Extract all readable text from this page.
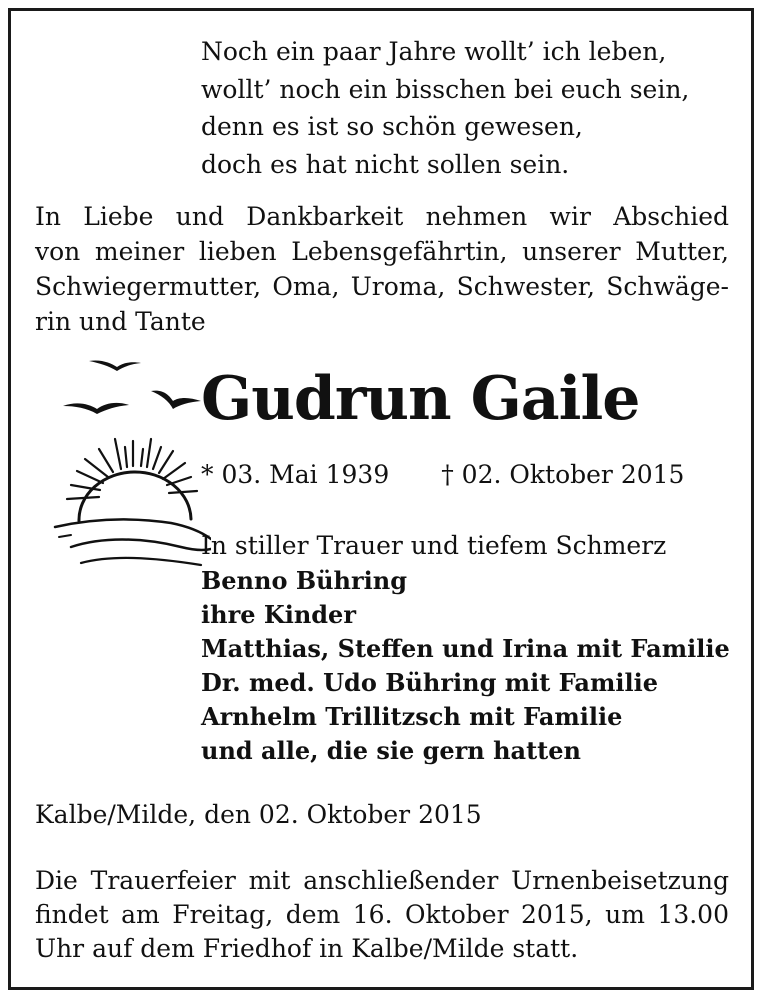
Noch ein paar Jahre wollt’ ich leben,
wollt’ noch ein bisschen bei euch sein,
denn es ist so schön gewesen,
doch es hat nicht sollen sein.
In Liebe und Dankbarkeit nehmen wir Abschied
von meiner lieben Lebensgefährtin, unserer Mutter,
Schwiegermutter, Oma, Uroma, Schwester, Schwäge-
rin und Tante
Gudrun Gaile
* 03. Mai 1939 † 02. Oktober 2015
In stiller Trauer und tiefem Schmerz
Benno Bühring
ihre Kinder
Matthias, Steffen und Irina mit Familie
Dr. med. Udo Bühring mit Familie
Arnhelm Trillitzsch mit Familie
und alle, die sie gern hatten
Kalbe/Milde, den 02. Oktober 2015
Die Trauerfeier mit anschließender Urnenbeisetzung
findet am Freitag, dem 16. Oktober 2015, um 13.00
Uhr auf dem Friedhof in Kalbe/Milde statt.
